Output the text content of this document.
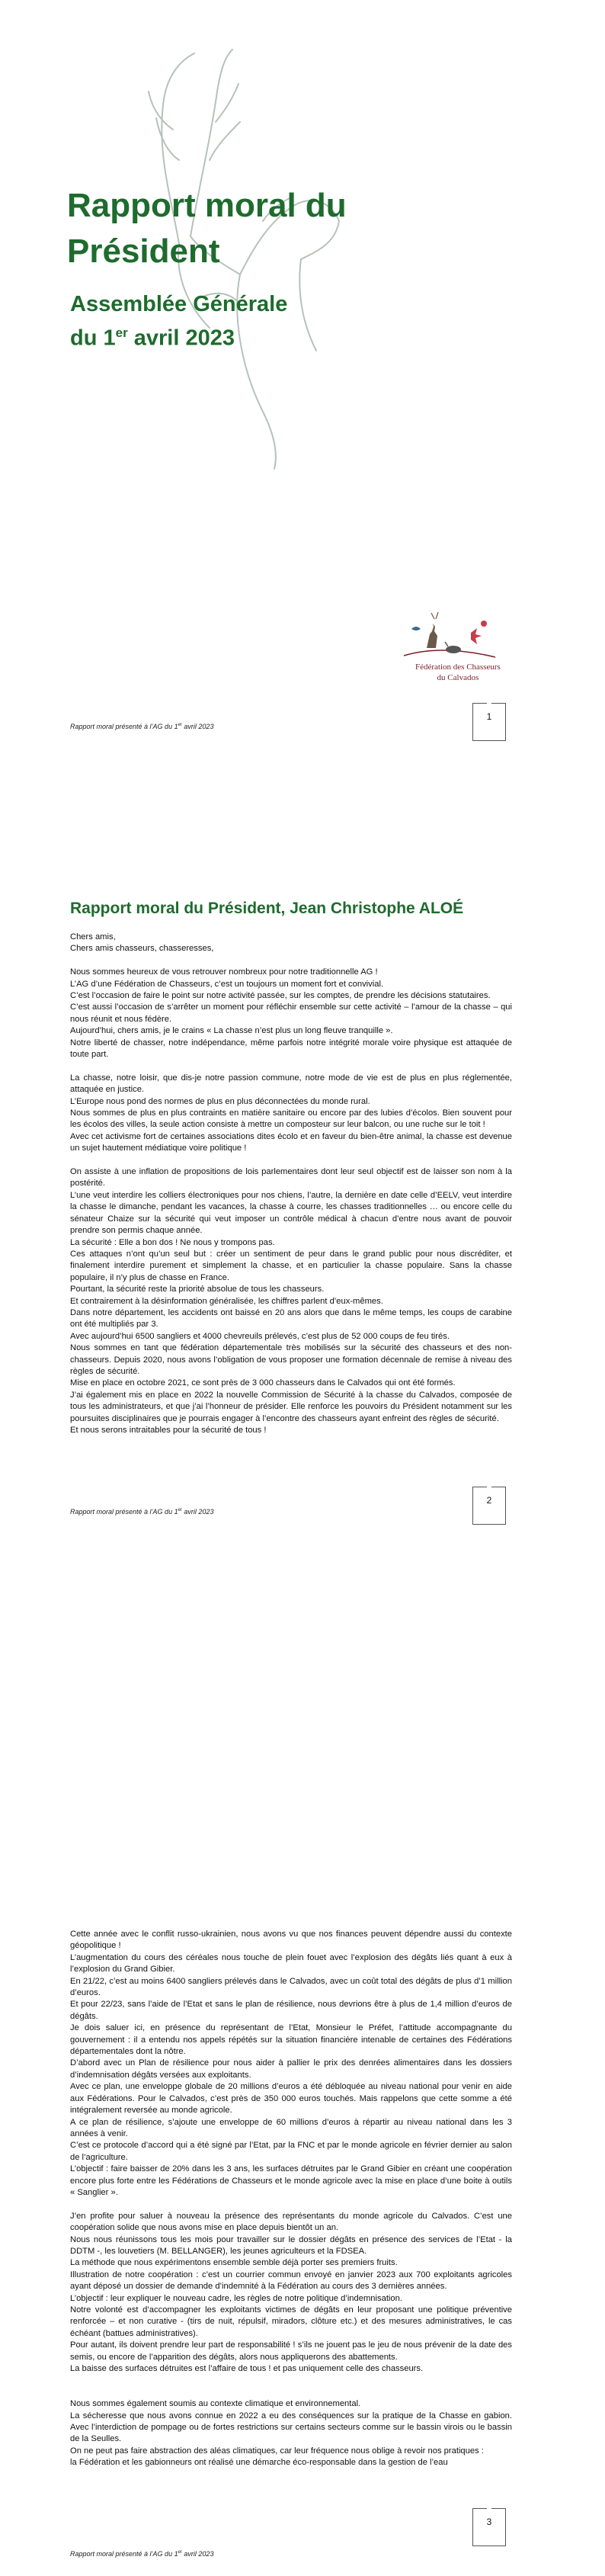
Rapport moral du Président
Assemblée Générale
du 1er avril 2023
Fédération des Chasseurs
du Calvados
Rapport moral présenté à l’AG du 1er avril 2023
1
Rapport moral présenté à l’AG du 1er avril 2023
2
Rapport moral du Président, Jean Christophe ALOÉ

Chers amis,

Chers amis chasseurs, chasseresses,

Nous sommes heureux de vous retrouver nombreux pour notre traditionnelle AG !

L’AG d’une Fédération de Chasseurs, c’est un toujours un moment fort et convivial.

C’est l’occasion de faire le point sur notre activité passée, sur les comptes, de prendre les décisions statutaires.

C’est aussi l’occasion de s’arrêter un moment pour réfléchir ensemble sur cette activité – l’amour de la chasse – qui nous réunit et nous fédère.

Aujourd’hui, chers amis, je le crains « La chasse n’est plus un long fleuve tranquille ».

Notre liberté de chasser, notre indépendance, même parfois notre intégrité morale voire physique est attaquée de toute part.

La chasse, notre loisir, que dis-je notre passion commune, notre mode de vie est de plus en plus réglementée, attaquée en justice.

L’Europe nous pond des normes de plus en plus déconnectées du monde rural.

Nous sommes de plus en plus contraints en matière sanitaire ou encore par des lubies d’écolos. Bien souvent pour les écolos des villes, la seule action consiste à mettre un composteur sur leur balcon, ou une ruche sur le toit !

Avec cet activisme fort de certaines associations dites écolo et en faveur du bien-être animal, la chasse est devenue un sujet hautement médiatique voire politique !

On assiste à une inflation de propositions de lois parlementaires dont leur seul objectif est de laisser son nom à la postérité.

L’une veut interdire les colliers électroniques pour nos chiens, l’autre, la dernière en date celle d’EELV, veut interdire la chasse le dimanche, pendant les vacances, la chasse à courre, les chasses traditionnelles … ou encore celle du sénateur Chaize sur la sécurité qui veut imposer un contrôle médical à chacun d’entre nous avant de pouvoir prendre son permis chaque année.

La sécurité : Elle a bon dos ! Ne nous y trompons pas.

Ces attaques n’ont qu’un seul but : créer un sentiment de peur dans le grand public pour nous discréditer, et finalement interdire purement et simplement la chasse, et en particulier la chasse populaire. Sans la chasse populaire, il n’y plus de chasse en France.

Pourtant, la sécurité reste la priorité absolue de tous les chasseurs.

Et contrairement à la désinformation généralisée, les chiffres parlent d’eux-mêmes.

Dans notre département, les accidents ont baissé en 20 ans alors que dans le même temps, les coups de carabine ont été multipliés par 3.

Avec aujourd’hui 6500 sangliers et 4000 chevreuils prélevés, c’est plus de 52 000 coups de feu tirés.

Nous sommes en tant que fédération départementale très mobilisés sur la sécurité des chasseurs et des non-chasseurs. Depuis 2020, nous avons l’obligation de vous proposer une formation décennale de remise à niveau des règles de sécurité.

Mise en place en octobre 2021, ce sont près de 3 000 chasseurs dans le Calvados qui ont été formés.

J’ai également mis en place en 2022 la nouvelle Commission de Sécurité à la chasse du Calvados, composée de tous les administrateurs, et que j’ai l’honneur de présider. Elle renforce les pouvoirs du Président notamment sur les poursuites disciplinaires que je pourrais engager à l’encontre des chasseurs ayant enfreint des règles de sécurité.

Et nous serons intraitables pour la sécurité de tous !

Rapport moral présenté à l’AG du 1er avril 2023
3

Cette année avec le conflit russo-ukrainien, nous avons vu que nos finances peuvent dépendre aussi du contexte géopolitique !

L’augmentation du cours des céréales nous touche de plein fouet avec l’explosion des dégâts liés quant à eux à l’explosion du Grand Gibier.

En 21/22, c’est au moins 6400 sangliers prélevés dans le Calvados, avec un coût total des dégâts de plus d’1 million d’euros.

Et pour 22/23, sans l’aide de l’Etat et sans le plan de résilience, nous devrions être à plus de 1,4 million d’euros de dégâts.

Je dois saluer ici, en présence du représentant de l’Etat, Monsieur le Préfet, l’attitude accompagnante du gouvernement : il a entendu nos appels répétés sur la situation financière intenable de certaines des Fédérations départementales dont la nôtre.

D’abord avec un Plan de résilience pour nous aider à pallier le prix des denrées alimentaires dans les dossiers d’indemnisation dégâts versées aux exploitants.

Avec ce plan, une enveloppe globale de 20 millions d’euros a été débloquée au niveau national pour venir en aide aux Fédérations. Pour le Calvados, c’est près de 350 000 euros touchés. Mais rappelons que cette somme a été intégralement reversée au monde agricole.

A ce plan de résilience, s’ajoute une enveloppe de 60 millions d’euros à répartir au niveau national dans les 3 années à venir.

C’est ce protocole d’accord qui a été signé par l’Etat, par la FNC et par le monde agricole en février dernier au salon de l’agriculture.

L’objectif : faire baisser de 20% dans les 3 ans, les surfaces détruites par le Grand Gibier en créant une coopération encore plus forte entre les Fédérations de Chasseurs et le monde agricole avec la mise en place d’une boite à outils « Sanglier ».

J’en profite pour saluer à nouveau la présence des représentants du monde agricole du Calvados. C’est une coopération solide que nous avons mise en place depuis bientôt un an.

Nous nous réunissons tous les mois pour travailler sur le dossier dégâts en présence des services de l’Etat - la DDTM -, les louvetiers (M. BELLANGER), les jeunes agriculteurs et la FDSEA.

La méthode que nous expérimentons ensemble semble déjà porter ses premiers fruits.

Illustration de notre coopération : c’est un courrier commun envoyé en janvier 2023 aux 700 exploitants agricoles ayant déposé un dossier de demande d’indemnité à la Fédération au cours des 3 dernières années.

L’objectif : leur expliquer le nouveau cadre, les règles de notre politique d’indemnisation.

Notre volonté est d’accompagner les exploitants victimes de dégâts en leur proposant une politique préventive renforcée – et non curative - (tirs de nuit, répulsif, miradors, clôture etc.) et des mesures administratives, le cas échéant (battues administratives).

Pour autant, ils doivent prendre leur part de responsabilité ! s’ils ne jouent pas le jeu de nous prévenir de la date des semis, ou encore de l’apparition des dégâts, alors nous appliquerons des abattements.

La baisse des surfaces détruites est l’affaire de tous ! et pas uniquement celle des chasseurs.

Nous sommes également soumis au contexte climatique et environnemental.

La sécheresse que nous avons connue en 2022 a eu des conséquences sur la pratique de la Chasse en gabion. Avec l’interdiction de pompage ou de fortes restrictions sur certains secteurs comme sur le bassin virois ou le bassin de la Seulles.

On ne peut pas faire abstraction des aléas climatiques, car leur fréquence nous oblige à revoir nos pratiques :

la Fédération et les gabionneurs ont réalisé une démarche éco-responsable dans la gestion de l’eau
